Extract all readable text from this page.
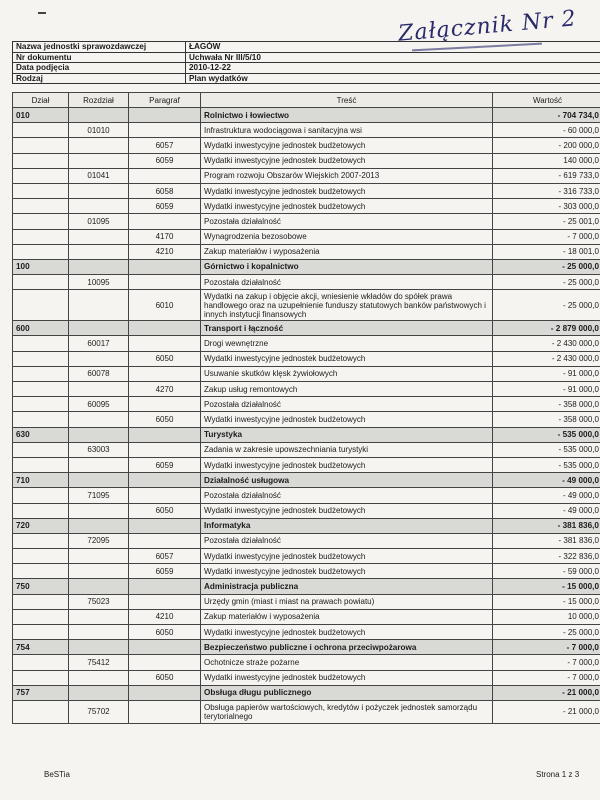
Załącznik Nr 2
Nazwa jednostki sprawozdawczej	ŁAGÓW
Nr dokumentu	Uchwała Nr III/5/10
Data podjęcia	2010-12-22
Rodzaj	Plan wydatków
Dział	Rozdział	Paragraf	Treść	Wartość
010			Rolnictwo i łowiectwo	- 704 734,0
	01010		Infrastruktura wodociągowa i sanitacyjna wsi	- 60 000,0
		6057	Wydatki inwestycyjne jednostek budżetowych	- 200 000,0
		6059	Wydatki inwestycyjne jednostek budżetowych	140 000,0
	01041		Program rozwoju Obszarów Wiejskich 2007-2013	- 619 733,0
		6058	Wydatki inwestycyjne jednostek budżetowych	- 316 733,0
		6059	Wydatki inwestycyjne jednostek budżetowych	- 303 000,0
	01095		Pozostała działalność	- 25 001,0
		4170	Wynagrodzenia bezosobowe	- 7 000,0
		4210	Zakup materiałów i wyposażenia	- 18 001,0
100			Górnictwo i kopalnictwo	- 25 000,0
	10095		Pozostała działalność	- 25 000,0
		6010	Wydatki na zakup i objęcie akcji, wniesienie wkładów do spółek prawa handlowego oraz na uzupełnienie funduszy statutowych banków państwowych i innych instytucji finansowych	- 25 000,0
600			Transport i łączność	- 2 879 000,0
	60017		Drogi wewnętrzne	- 2 430 000,0
		6050	Wydatki inwestycyjne jednostek budżetowych	- 2 430 000,0
	60078		Usuwanie skutków klęsk żywiołowych	- 91 000,0
		4270	Zakup usług remontowych	- 91 000,0
	60095		Pozostała działalność	- 358 000,0
		6050	Wydatki inwestycyjne jednostek budżetowych	- 358 000,0
630			Turystyka	- 535 000,0
	63003		Zadania w zakresie upowszechniania turystyki	- 535 000,0
		6059	Wydatki inwestycyjne jednostek budżetowych	- 535 000,0
710			Działalność usługowa	- 49 000,0
	71095		Pozostała działalność	- 49 000,0
		6050	Wydatki inwestycyjne jednostek budżetowych	- 49 000,0
720			Informatyka	- 381 836,0
	72095		Pozostała działalność	- 381 836,0
		6057	Wydatki inwestycyjne jednostek budżetowych	- 322 836,0
		6059	Wydatki inwestycyjne jednostek budżetowych	- 59 000,0
750			Administracja publiczna	- 15 000,0
	75023		Urzędy gmin (miast i miast na prawach powiatu)	- 15 000,0
		4210	Zakup materiałów i wyposażenia	10 000,0
		6050	Wydatki inwestycyjne jednostek budżetowych	- 25 000,0
754			Bezpieczeństwo publiczne i ochrona przeciwpożarowa	- 7 000,0
	75412		Ochotnicze straże pożarne	- 7 000,0
		6050	Wydatki inwestycyjne jednostek budżetowych	- 7 000,0
757			Obsługa długu publicznego	- 21 000,0
	75702		Obsługa papierów wartościowych, kredytów i pożyczek jednostek samorządu terytorialnego	- 21 000,0
BeSTia	Strona 1 z 3
